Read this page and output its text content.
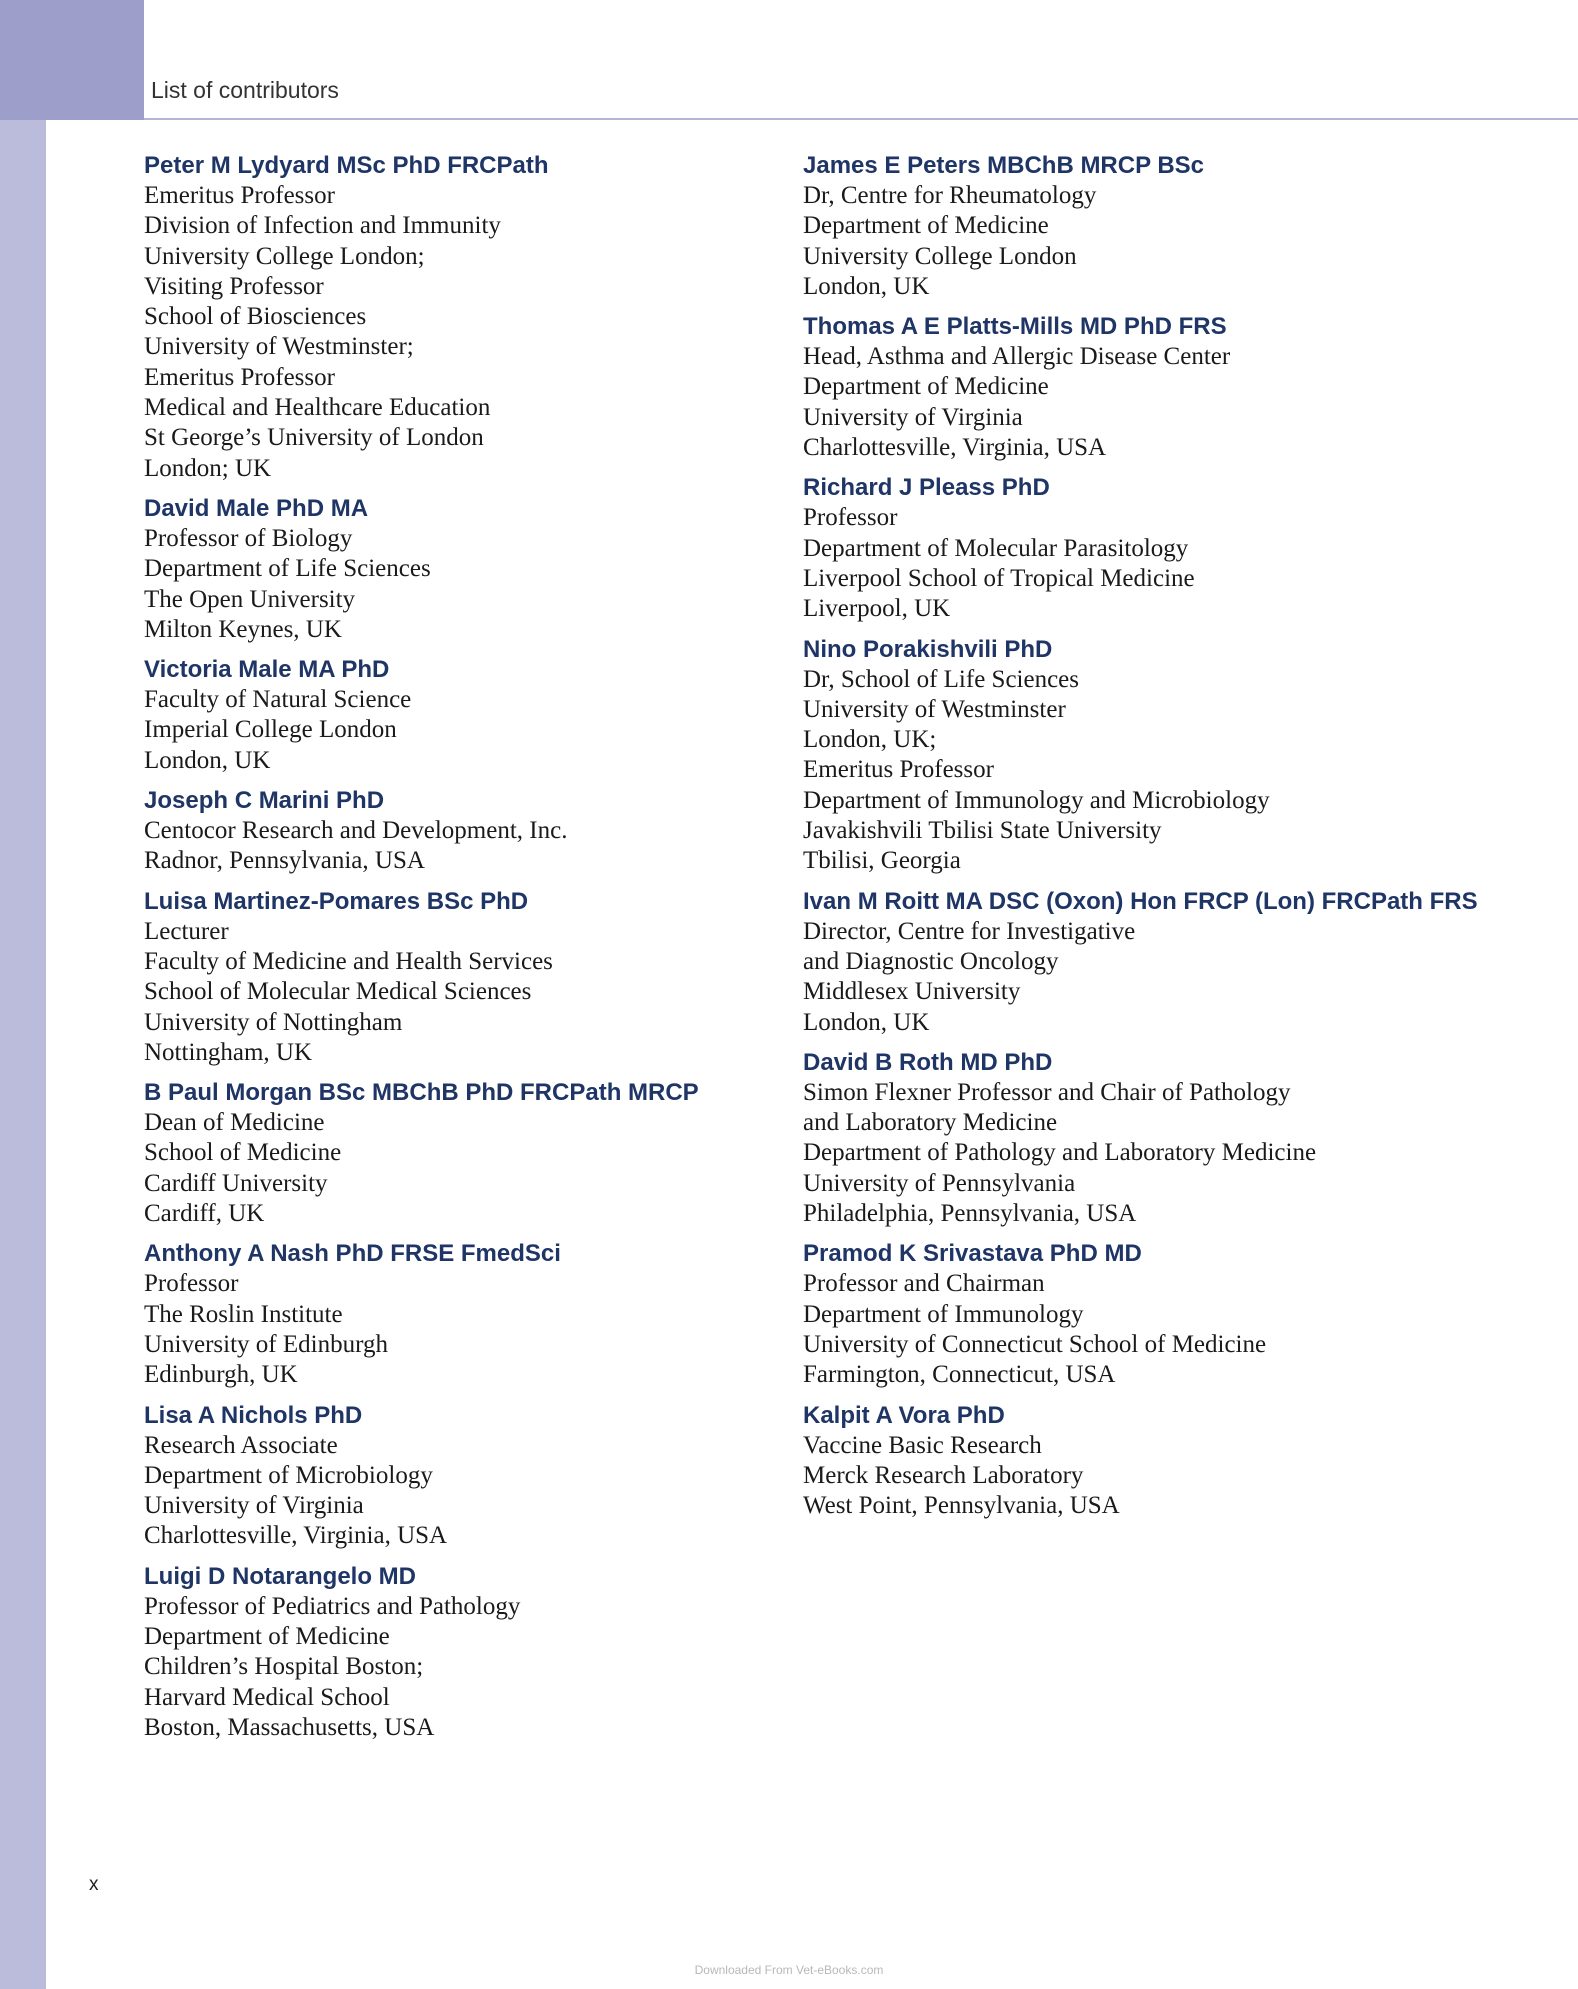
List of contributors
Peter M Lydyard MSc PhD FRCPath
Emeritus Professor
Division of Infection and Immunity
University College London;
Visiting Professor
School of Biosciences
University of Westminster;
Emeritus Professor
Medical and Healthcare Education
St George’s University of London
London; UK
David Male PhD MA
Professor of Biology
Department of Life Sciences
The Open University
Milton Keynes, UK
Victoria Male MA PhD
Faculty of Natural Science
Imperial College London
London, UK
Joseph C Marini PhD
Centocor Research and Development, Inc.
Radnor, Pennsylvania, USA
Luisa Martinez-Pomares BSc PhD
Lecturer
Faculty of Medicine and Health Services
School of Molecular Medical Sciences
University of Nottingham
Nottingham, UK
B Paul Morgan BSc MBChB PhD FRCPath MRCP
Dean of Medicine
School of Medicine
Cardiff University
Cardiff, UK
Anthony A Nash PhD FRSE FmedSci
Professor
The Roslin Institute
University of Edinburgh
Edinburgh, UK
Lisa A Nichols PhD
Research Associate
Department of Microbiology
University of Virginia
Charlottesville, Virginia, USA
Luigi D Notarangelo MD
Professor of Pediatrics and Pathology
Department of Medicine
Children’s Hospital Boston;
Harvard Medical School
Boston, Massachusetts, USA
James E Peters MBChB MRCP BSc
Dr, Centre for Rheumatology
Department of Medicine
University College London
London, UK
Thomas A E Platts-Mills MD PhD FRS
Head, Asthma and Allergic Disease Center
Department of Medicine
University of Virginia
Charlottesville, Virginia, USA
Richard J Pleass PhD
Professor
Department of Molecular Parasitology
Liverpool School of Tropical Medicine
Liverpool, UK
Nino Porakishvili PhD
Dr, School of Life Sciences
University of Westminster
London, UK;
Emeritus Professor
Department of Immunology and Microbiology
Javakishvili Tbilisi State University
Tbilisi, Georgia
Ivan M Roitt MA DSC (Oxon) Hon FRCP (Lon) FRCPath FRS
Director, Centre for Investigative
and Diagnostic Oncology
Middlesex University
London, UK
David B Roth MD PhD
Simon Flexner Professor and Chair of Pathology
and Laboratory Medicine
Department of Pathology and Laboratory Medicine
University of Pennsylvania
Philadelphia, Pennsylvania, USA
Pramod K Srivastava PhD MD
Professor and Chairman
Department of Immunology
University of Connecticut School of Medicine
Farmington, Connecticut, USA
Kalpit A Vora PhD
Vaccine Basic Research
Merck Research Laboratory
West Point, Pennsylvania, USA
x
Downloaded From Vet-eBooks.com
